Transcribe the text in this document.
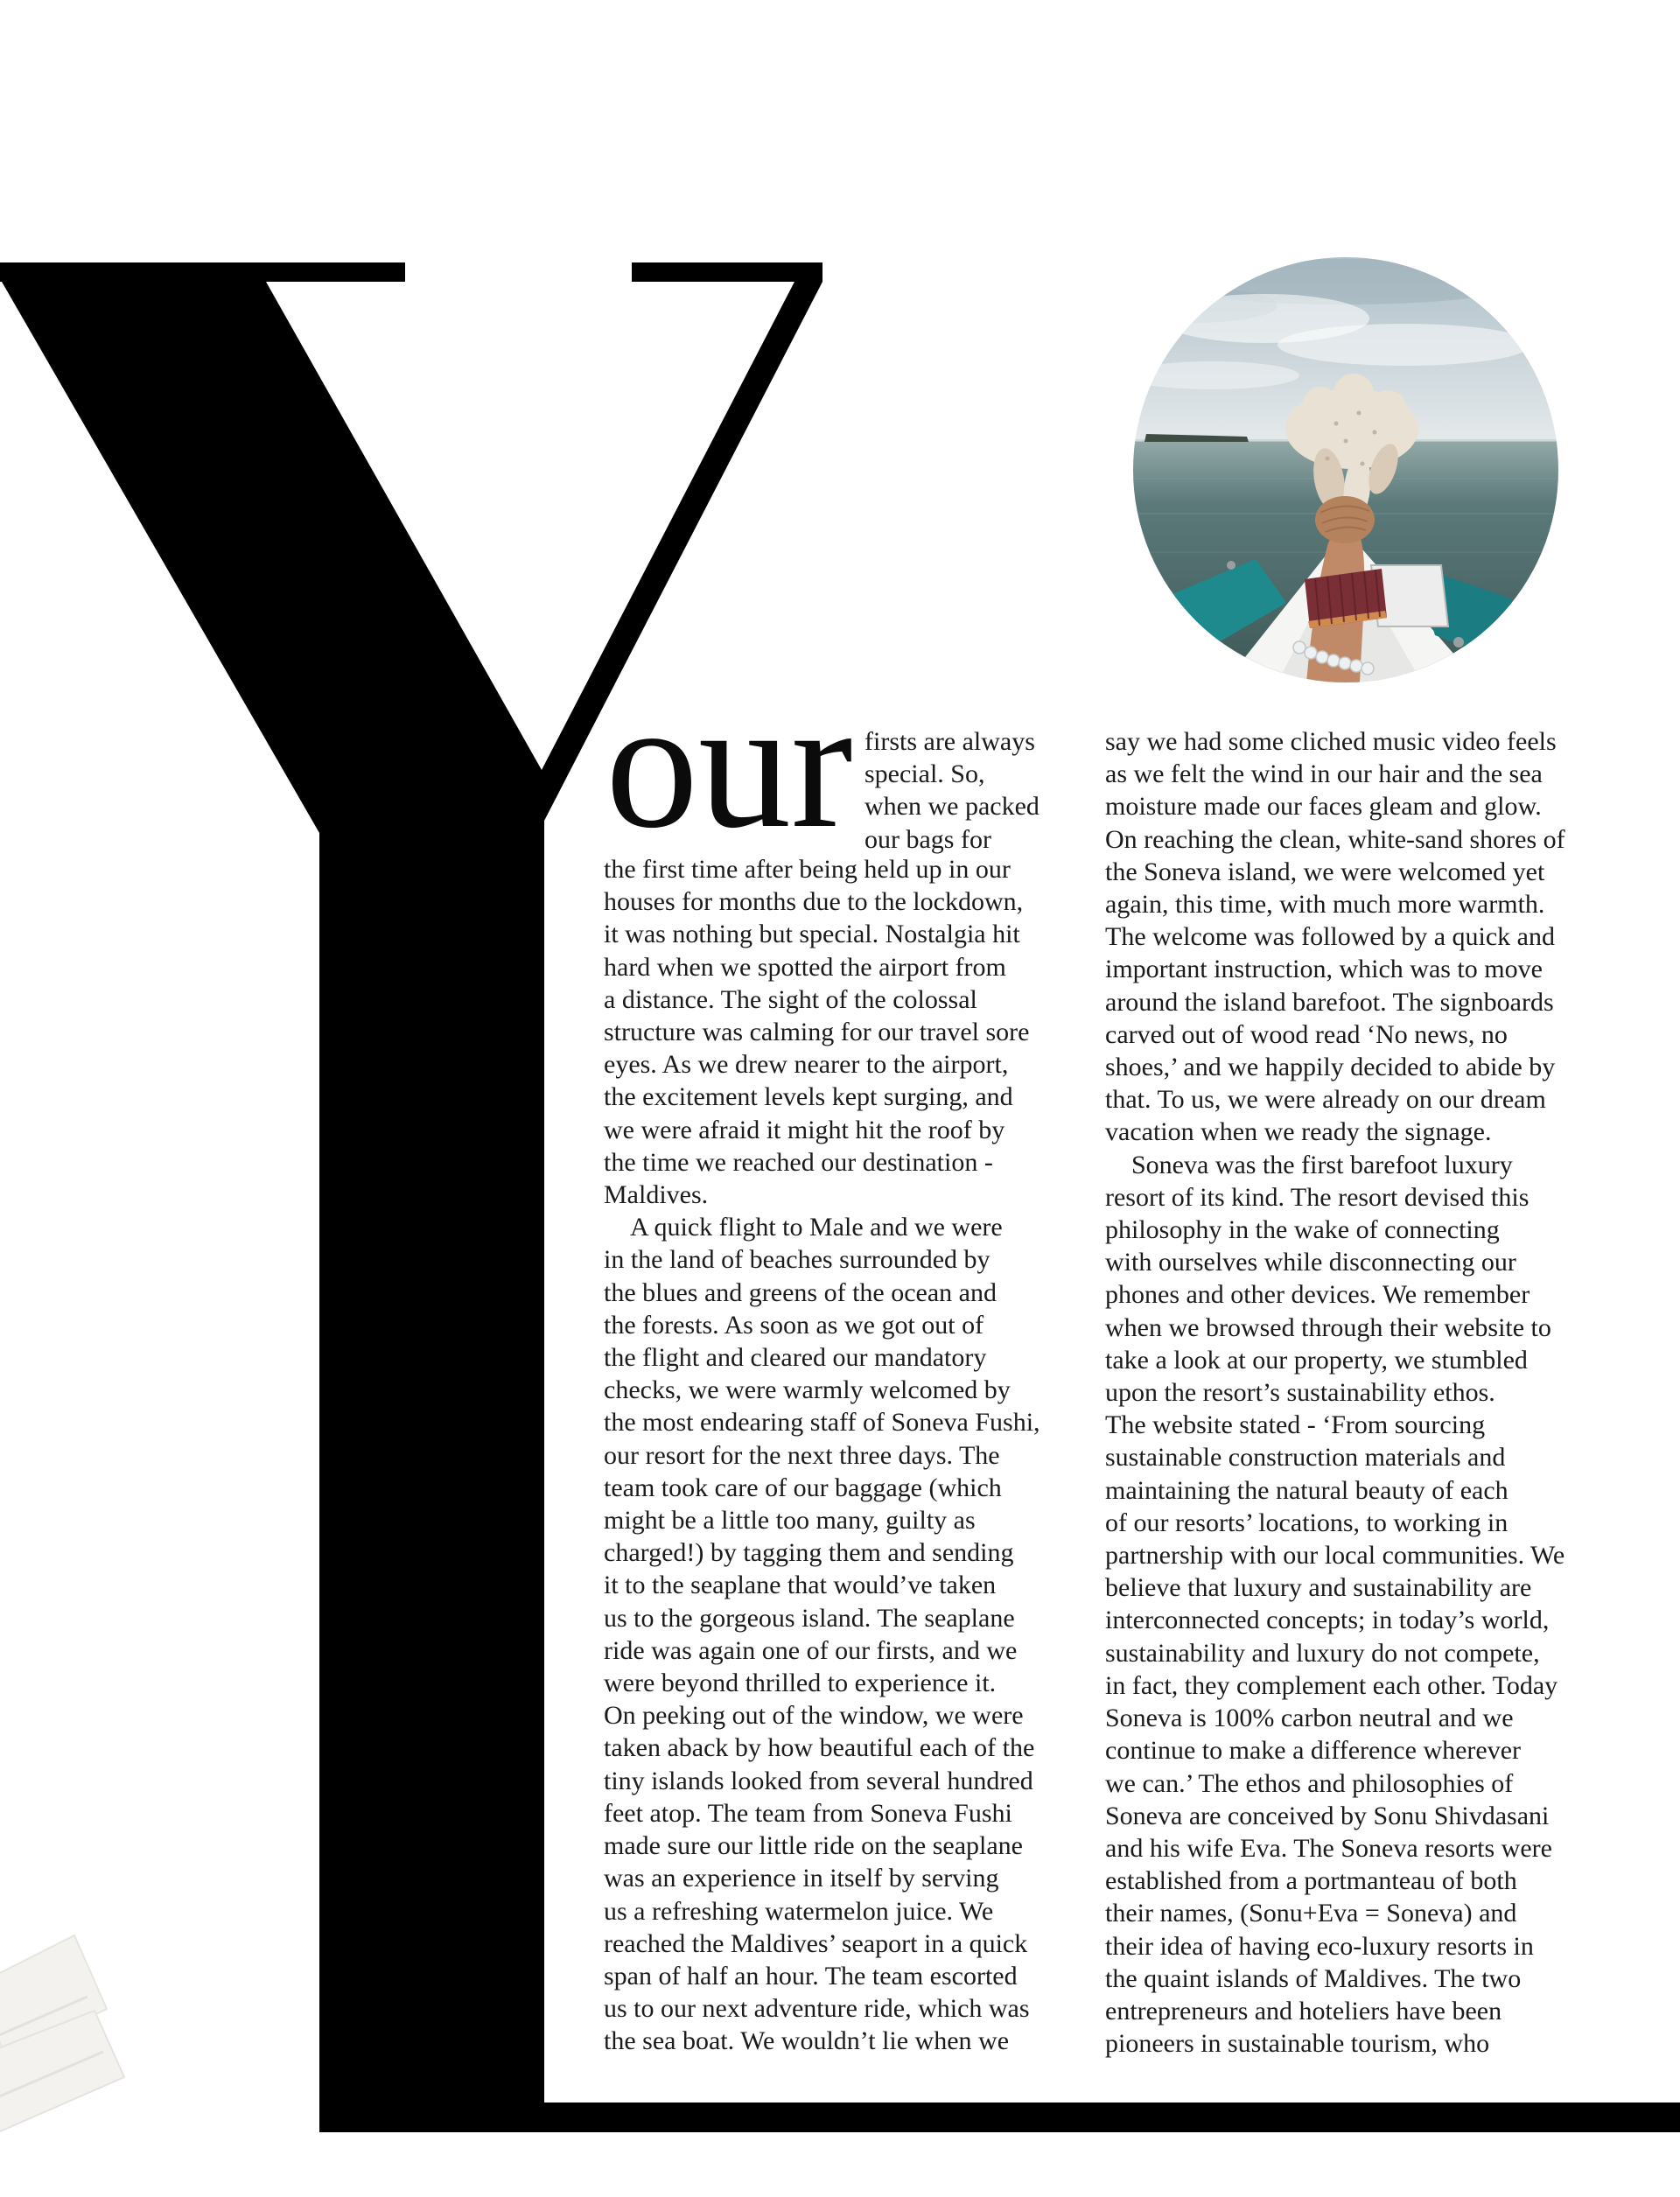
our firsts are always
special. So,
when we packed
our bags for
the first time after being held up in our
houses for months due to the lockdown,
it was nothing but special. Nostalgia hit
hard when we spotted the airport from
a distance. The sight of the colossal
structure was calming for our travel sore
eyes. As we drew nearer to the airport,
the excitement levels kept surging, and
we were afraid it might hit the roof by
the time we reached our destination -
Maldives.
A quick flight to Male and we were
in the land of beaches surrounded by
the blues and greens of the ocean and
the forests. As soon as we got out of
the flight and cleared our mandatory
checks, we were warmly welcomed by
the most endearing staff of Soneva Fushi,
our resort for the next three days. The
team took care of our baggage (which
might be a little too many, guilty as
charged!) by tagging them and sending
it to the seaplane that would’ve taken
us to the gorgeous island. The seaplane
ride was again one of our firsts, and we
were beyond thrilled to experience it.
On peeking out of the window, we were
taken aback by how beautiful each of the
tiny islands looked from several hundred
feet atop. The team from Soneva Fushi
made sure our little ride on the seaplane
was an experience in itself by serving
us a refreshing watermelon juice. We
reached the Maldives’ seaport in a quick
span of half an hour. The team escorted
us to our next adventure ride, which was
the sea boat. We wouldn’t lie when we
say we had some cliched music video feels
as we felt the wind in our hair and the sea
moisture made our faces gleam and glow.
On reaching the clean, white-sand shores of
the Soneva island, we were welcomed yet
again, this time, with much more warmth.
The welcome was followed by a quick and
important instruction, which was to move
around the island barefoot. The signboards
carved out of wood read ‘No news, no
shoes,’ and we happily decided to abide by
that. To us, we were already on our dream
vacation when we ready the signage.
Soneva was the first barefoot luxury
resort of its kind. The resort devised this
philosophy in the wake of connecting
with ourselves while disconnecting our
phones and other devices. We remember
when we browsed through their website to
take a look at our property, we stumbled
upon the resort’s sustainability ethos.
The website stated - ‘From sourcing
sustainable construction materials and
maintaining the natural beauty of each
of our resorts’ locations, to working in
partnership with our local communities. We
believe that luxury and sustainability are
interconnected concepts; in today’s world,
sustainability and luxury do not compete,
in fact, they complement each other. Today
Soneva is 100% carbon neutral and we
continue to make a difference wherever
we can.’ The ethos and philosophies of
Soneva are conceived by Sonu Shivdasani
and his wife Eva. The Soneva resorts were
established from a portmanteau of both
their names, (Sonu+Eva = Soneva) and
their idea of having eco-luxury resorts in
the quaint islands of Maldives. The two
entrepreneurs and hoteliers have been
pioneers in sustainable tourism, who
